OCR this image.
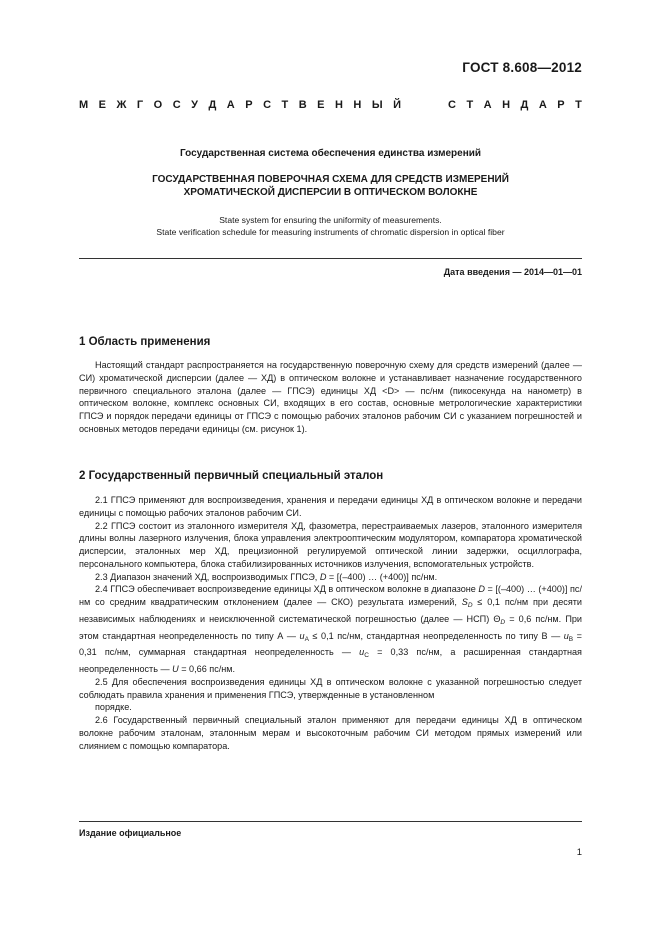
ГОСТ 8.608—2012
М Е Ж Г О С У Д А Р С Т В Е Н Н Ы Й	С Т А Н Д А Р Т
Государственная система обеспечения единства измерений
ГОСУДАРСТВЕННАЯ ПОВЕРОЧНАЯ СХЕМА ДЛЯ СРЕДСТВ ИЗМЕРЕНИЙ
ХРОМАТИЧЕСКОЙ ДИСПЕРСИИ В ОПТИЧЕСКОМ ВОЛОКНЕ
State system for ensuring the uniformity of measurements.
State verification schedule for measuring instruments of chromatic dispersion in optical fiber
Дата введения — 2014—01—01
1 Область применения

Настоящий стандарт распространяется на государственную поверочную схему для средств измерений (далее — СИ) хроматической дисперсии (далее — ХД) в оптическом волокне и устанавливает назначение государственного первичного специального эталона (далее — ГПСЭ) единицы ХД <D> — пс/нм (пикосекунда на нанометр) в оптическом волокне, комплекс основных СИ, входящих в его состав, основные метрологические характеристики ГПСЭ и порядок передачи единицы от ГПСЭ с помощью рабочих эталонов рабочим СИ с указанием погрешностей и основных методов передачи единицы (см. рисунок 1).

2 Государственный первичный специальный эталон

2.1 ГПСЭ применяют для воспроизведения, хранения и передачи единицы ХД в оптическом волокне и передачи единицы с помощью рабочих эталонов рабочим СИ.

2.2 ГПСЭ состоит из эталонного измерителя ХД, фазометра, перестраиваемых лазеров, эталонного измерителя длины волны лазерного излучения, блока управления электрооптическим модулятором, компаратора хроматической дисперсии, эталонных мер ХД, прецизионной регулируемой оптической линии задержки, осциллографа, персонального компьютера, блока стабилизированных источников излучения, вспомогательных устройств.

2.3 Диапазон значений ХД, воспроизводимых ГПСЭ, D = [(–400) … (+400)] пс/нм.

2.4 ГПСЭ обеспечивает воспроизведение единицы ХД в оптическом волокне в диапазоне D = [(–400) … (+400)] пс/нм со средним квадратическим отклонением (далее — СКО) результата измерений, $S_D \le 0,1$ пс/нм при десяти независимых наблюдениях и неисключенной систематической погрешностью (далее — НСП) $\Theta_D = 0,6$ пс/нм. При этом стандартная неопределенность по типу А — $u_A \le 0,1$ пс/нм, стандартная неопределенность по типу В — $u_B = 0,31$ пс/нм, суммарная стандартная неопределенность — $u_C = 0,33$ пс/нм, а расширенная стандартная неопределенность — U = 0,66 пс/нм.

2.5 Для обеспечения воспроизведения единицы ХД в оптическом волокне с указанной погрешностью следует соблюдать правила хранения и применения ГПСЭ, утвержденные в установленном

порядке.

2.6 Государственный первичный специальный эталон применяют для передачи единицы ХД в оптическом волокне рабочим эталонам, эталонным мерам и высокоточным рабочим СИ методом прямых измерений или слиянием с помощью компаратора.

Издание официальное
1
